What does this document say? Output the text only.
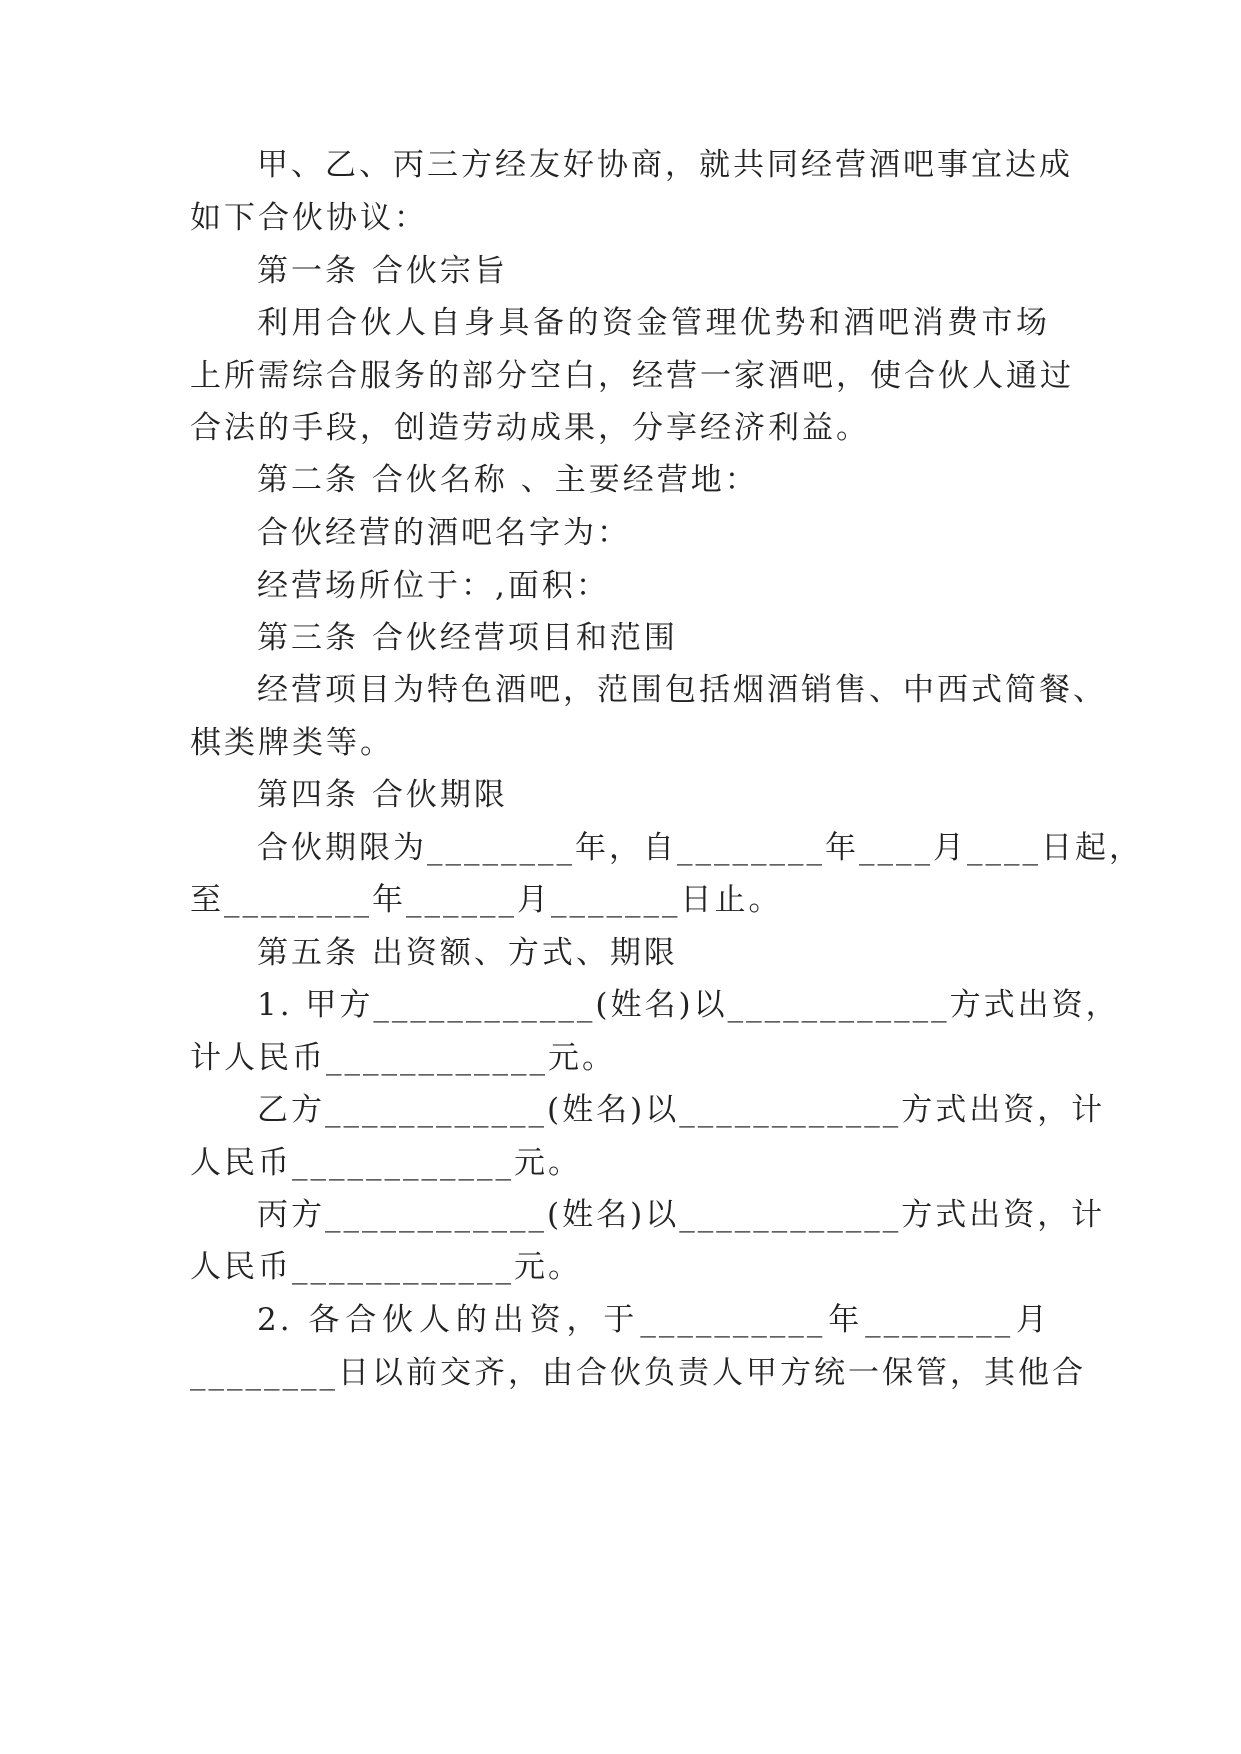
甲、乙、丙三方经友好协商，就共同经营酒吧事宜达成
如下合伙协议：
第一条 合伙宗旨
利用合伙人自身具备的资金管理优势和酒吧消费市场
上所需综合服务的部分空白，经营一家酒吧，使合伙人通过
合法的手段，创造劳动成果，分享经济利益。
第二条 合伙名称 、主要经营地：
合伙经营的酒吧名字为：
经营场所位于：,面积：
第三条 合伙经营项目和范围
经营项目为特色酒吧，范围包括烟酒销售、中西式简餐、
棋类牌类等。
第四条 合伙期限
合伙期限为________年，自________年____月____日起，
至________年______月_______日止。
第五条 出资额、方式、期限
1. 甲方____________(姓名)以____________方式出资，
计人民币____________元。
乙方____________(姓名)以____________方式出资，计
人民币____________元。
丙方____________(姓名)以____________方式出资，计
人民币____________元。
2. 各合伙人的出资，于__________年________月
________日以前交齐，由合伙负责人甲方统一保管，其他合
